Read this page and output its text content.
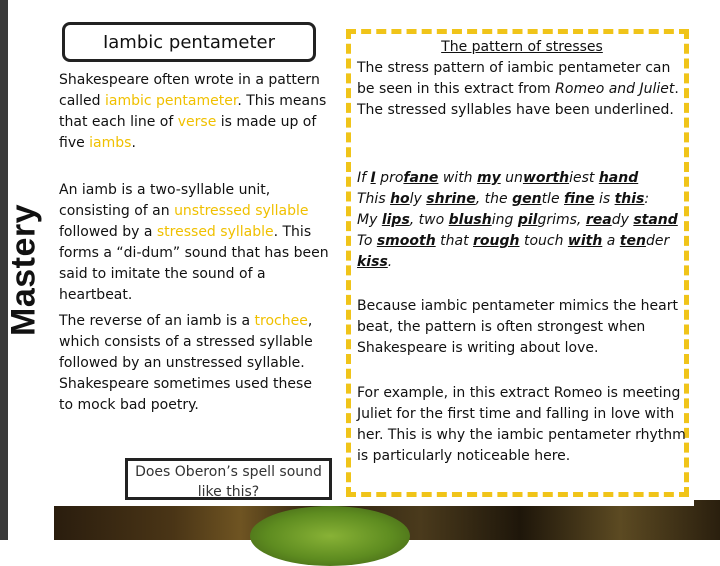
Mastery
Iambic pentameter

Shakespeare often wrote in a pattern called iambic pentameter. This means that each line of verse is made up of five iambs.

An iamb is a two-syllable unit, consisting of an unstressed syllable followed by a stressed syllable. This forms a “di-dum” sound that has been said to imitate the sound of a heartbeat.

The reverse of an iamb is a trochee, which consists of a stressed syllable followed by an unstressed syllable. Shakespeare sometimes used these to mock bad poetry.

Does Oberon’s spell sound like this?

The pattern of stresses

The stress pattern of iambic pentameter can be seen in this extract from Romeo and Juliet. The stressed syllables have been underlined.

If I profane with my unworthiest hand
This holy shrine, the gentle fine is this:
My lips, two blushing pilgrims, ready stand
To smooth that rough touch with a tender
kiss.

Because iambic pentameter mimics the heart beat, the pattern is often strongest when Shakespeare is writing about love.

For example, in this extract Romeo is meeting Juliet for the first time and falling in love with her. This is why the iambic pentameter rhythm is particularly noticeable here.
